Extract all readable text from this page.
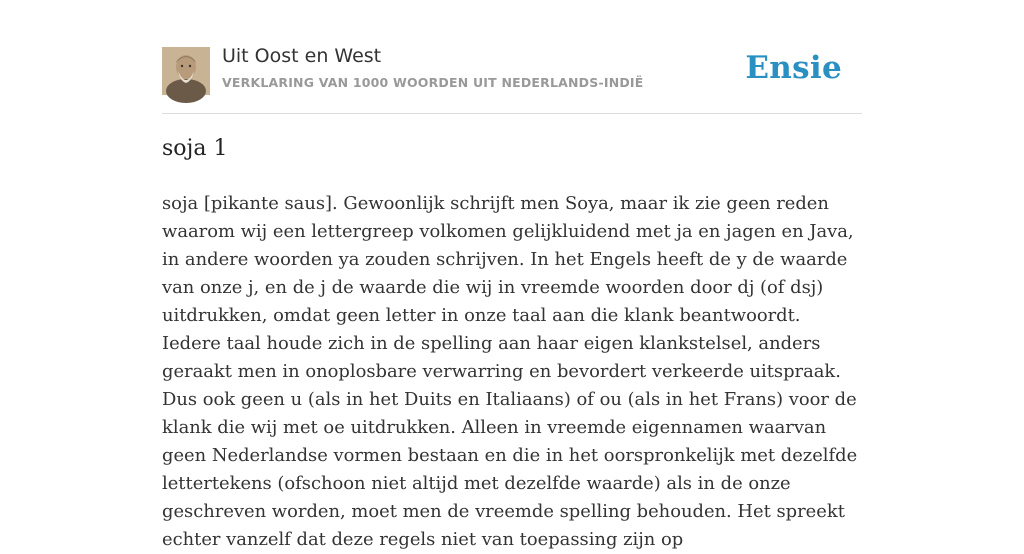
Uit Oost en West
VERKLARING VAN 1000 WOORDEN UIT NEDERLANDS-INDIË	Ensie
soja 1

soja [pikante saus]. Gewoonlijk schrijft men Soya, maar ik zie geen reden waarom wij een lettergreep volkomen gelijkluidend met ja en jagen en Java, in andere woorden ya zouden schrijven. In het Engels heeft de y de waarde van onze j, en de j de waarde die wij in vreemde woorden door dj (of dsj) uitdrukken, omdat geen letter in onze taal aan die klank beantwoordt. Iedere taal houde zich in de spelling aan haar eigen klankstelsel, anders geraakt men in onoplosbare verwarring en bevordert verkeerde uitspraak. Dus ook geen u (als in het Duits en Italiaans) of ou (als in het Frans) voor de klank die wij met oe uitdrukken. Alleen in vreemde eigennamen waarvan geen Nederlandse vormen bestaan en die in het oorspronkelijk met dezelfde lettertekens (ofschoon niet altijd met dezelfde waarde) als in de onze geschreven worden, moet men de vreemde spelling behouden. Het spreekt echter vanzelf dat deze regels niet van toepassing zijn op
